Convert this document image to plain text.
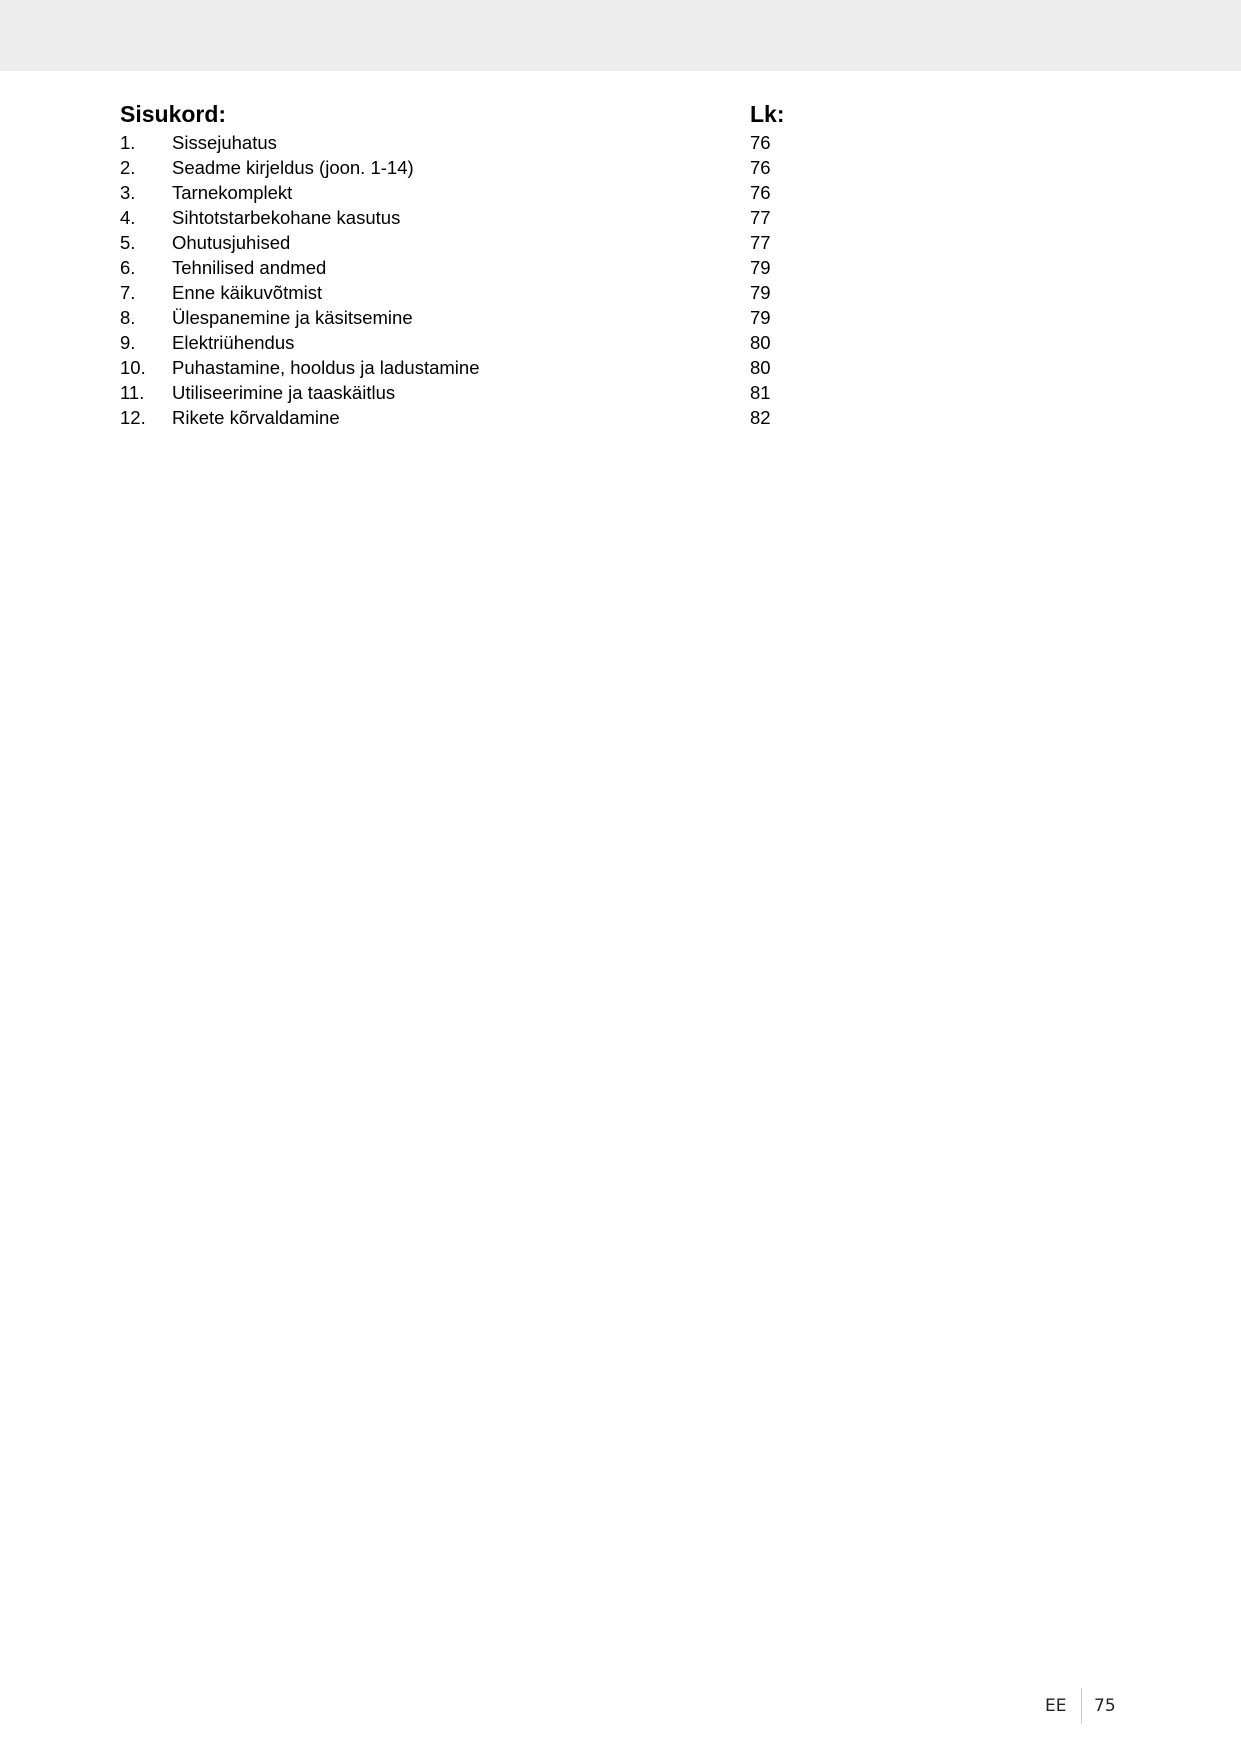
Sisukord:	Lk:
1. Sissejuhatus	76
2. Seadme kirjeldus (joon. 1-14)	76
3. Tarnekomplekt	76
4. Sihtotstarbekohane kasutus	77
5. Ohutusjuhised	77
6. Tehnilised andmed	79
7. Enne käikuvõtmist	79
8. Ülespanemine ja käsitsemine	79
9. Elektriühendus	80
10. Puhastamine, hooldus ja ladustamine	80
11. Utiliseerimine ja taaskäitlus	81
12. Rikete kõrvaldamine	82
EE 75
